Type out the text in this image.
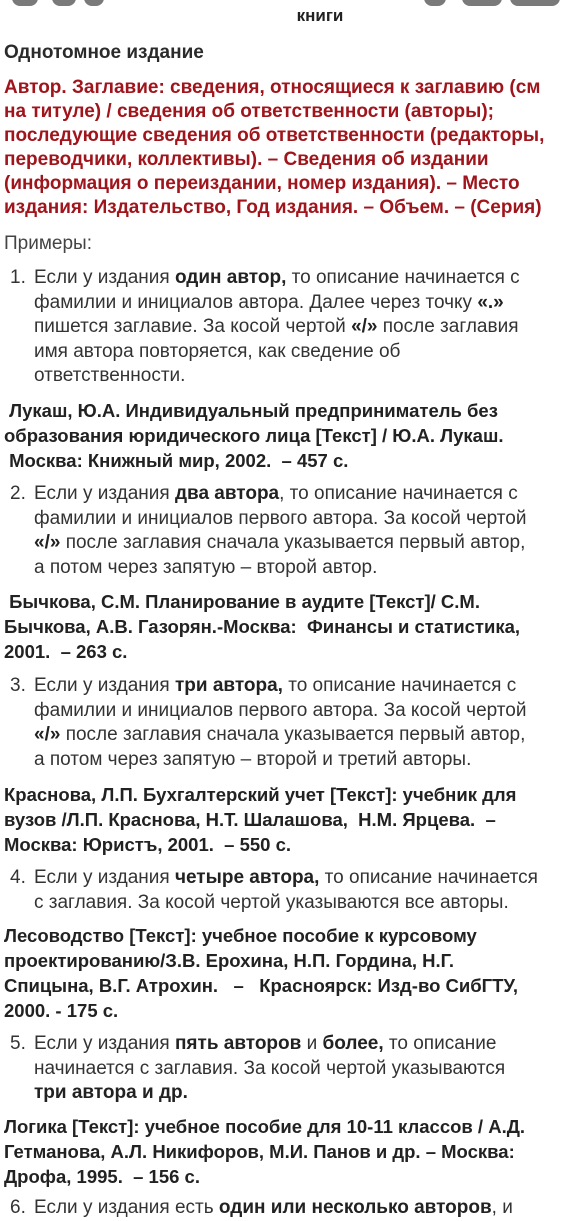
книги
Однотомное издание
Автор. Заглавие: сведения, относящиеся к заглавию (см
на титуле) / сведения об ответственности (авторы);
последующие сведения об ответственности (редакторы,
переводчики, коллективы). – Сведения об издании
(информация о переиздании, номер издания). – Место
издания: Издательство, Год издания. – Объем. – (Серия)
Примеры:
1. Если у издания один автор, то описание начинается с
фамилии и инициалов автора. Далее через точку «.»
пишется заглавие. За косой чертой «/» после заглавия
имя автора повторяется, как сведение об
ответственности.
Лукаш, Ю.А. Индивидуальный предприниматель без
образования юридического лица [Текст] / Ю.А. Лукаш.
Москва: Книжный мир, 2002.  – 457 с.
2. Если у издания два автора, то описание начинается с
фамилии и инициалов первого автора. За косой чертой
«/» после заглавия сначала указывается первый автор,
а потом через запятую – второй автор.
Бычкова, С.М. Планирование в аудите [Текст]/ С.М.
Бычкова, А.В. Газорян.-Москва:  Финансы и статистика,
2001.  – 263 с.
3. Если у издания три автора, то описание начинается с
фамилии и инициалов первого автора. За косой чертой
«/» после заглавия сначала указывается первый автор,
а потом через запятую – второй и третий авторы.
Краснова, Л.П. Бухгалтерский учет [Текст]: учебник для
вузов /Л.П. Краснова, Н.Т. Шалашова,  Н.М. Ярцева.  –
Москва: Юристъ, 2001.  – 550 с.
4. Если у издания четыре автора, то описание начинается
с заглавия. За косой чертой указываются все авторы.
Лесоводство [Текст]: учебное пособие к курсовому
проектированию/З.В. Ерохина, Н.П. Гордина, Н.Г.
Спицына, В.Г. Атрохин.   –   Красноярск: Изд-во СибГТУ,
2000. - 175 с.
5. Если у издания пять авторов и более, то описание
начинается с заглавия. За косой чертой указываются
три автора и др.
Логика [Текст]: учебное пособие для 10-11 классов / А.Д.
Гетманова, А.Л. Никифоров, М.И. Панов и др. – Москва:
Дрофа, 1995.  – 156 с.
6. Если у издания есть один или несколько авторов, и
